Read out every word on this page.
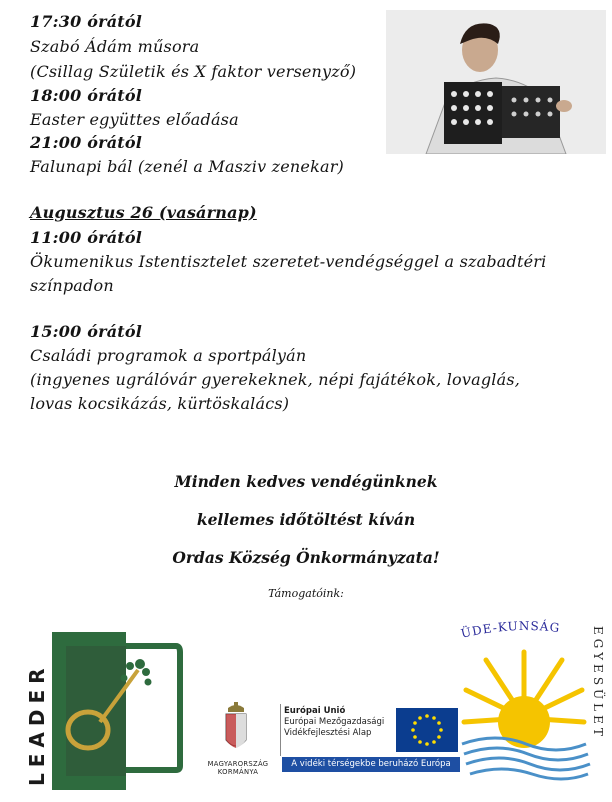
17:30 órától
Szabó Ádám műsora
(Csillag Születik és X faktor versenyző)
18:00 órától
Easter együttes előadása
21:00 órától
Falunapi bál (zenél a Masziv zenekar)
Augusztus 26 (vasárnap)
11:00 órától
Ökumenikus Istentisztelet szeretet-vendégséggel a szabadtéri
színpadon
15:00 órától
Családi programok a sportpályán
(ingyenes ugrálóvár gyerekeknek, népi fajátékok, lovaglás,
lovas kocsikázás, kürtöskalács)
Minden kedves vendégünknek
kellemes időtöltést kíván
Ordas Község Önkormányzata!
Támogatóink:
LEADER	MAGYARORSZÁG
KORMÁNYA
Európai Unió
Európai Mezőgazdasági
Vidékfejlesztési Alap
A vidéki térségekbe beruházó Európa
ÜDE-KUNSÁG	EGYESÜLET
